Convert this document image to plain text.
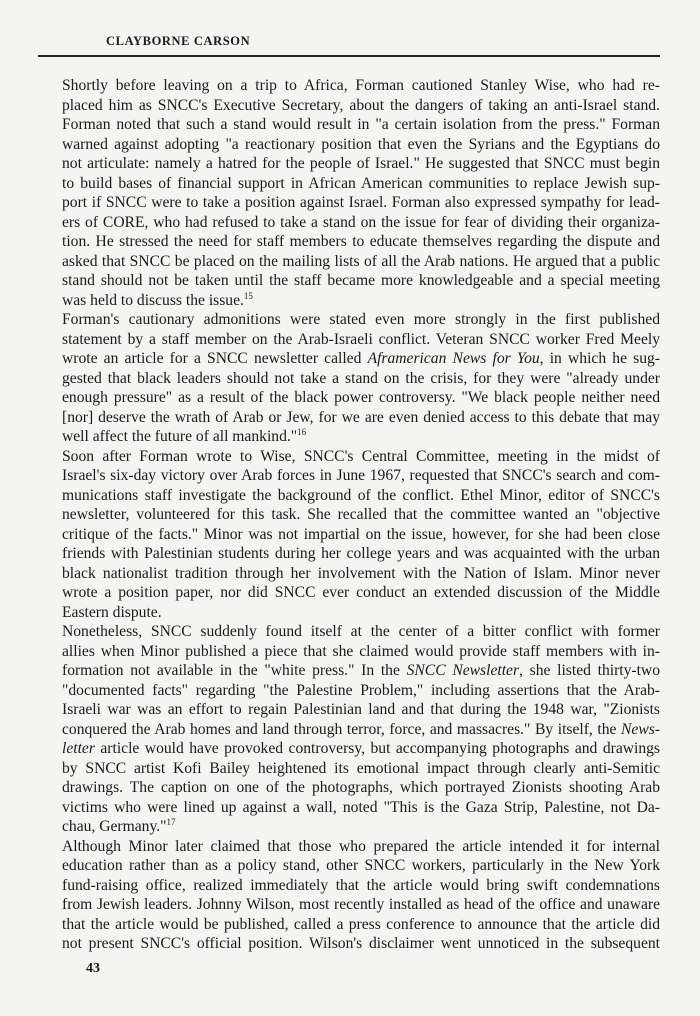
CLAYBORNE CARSON

Shortly before leaving on a trip to Africa, Forman cautioned Stanley Wise, who had re-
placed him as SNCC's Executive Secretary, about the dangers of taking an anti-Israel stand.
Forman noted that such a stand would result in "a certain isolation from the press." Forman
warned against adopting "a reactionary position that even the Syrians and the Egyptians do
not articulate: namely a hatred for the people of Israel." He suggested that SNCC must begin
to build bases of financial support in African American communities to replace Jewish sup-
port if SNCC were to take a position against Israel. Forman also expressed sympathy for lead-
ers of CORE, who had refused to take a stand on the issue for fear of dividing their organiza-
tion. He stressed the need for staff members to educate themselves regarding the dispute and
asked that SNCC be placed on the mailing lists of all the Arab nations. He argued that a public
stand should not be taken until the staff became more knowledgeable and a special meeting
was held to discuss the issue.$^{15}$

Forman's cautionary admonitions were stated even more strongly in the first published
statement by a staff member on the Arab-Israeli conflict. Veteran SNCC worker Fred Meely
wrote an article for a SNCC newsletter called Aframerican News for You, in which he sug-
gested that black leaders should not take a stand on the crisis, for they were "already under
enough pressure" as a result of the black power controversy. "We black people neither need
[nor] deserve the wrath of Arab or Jew, for we are even denied access to this debate that may
well affect the future of all mankind."$^{16}$

Soon after Forman wrote to Wise, SNCC's Central Committee, meeting in the midst of
Israel's six-day victory over Arab forces in June 1967, requested that SNCC's search and com-
munications staff investigate the background of the conflict. Ethel Minor, editor of SNCC's
newsletter, volunteered for this task. She recalled that the committee wanted an "objective
critique of the facts." Minor was not impartial on the issue, however, for she had been close
friends with Palestinian students during her college years and was acquainted with the urban
black nationalist tradition through her involvement with the Nation of Islam. Minor never
wrote a position paper, nor did SNCC ever conduct an extended discussion of the Middle
Eastern dispute.

Nonetheless, SNCC suddenly found itself at the center of a bitter conflict with former
allies when Minor published a piece that she claimed would provide staff members with in-
formation not available in the "white press." In the SNCC Newsletter, she listed thirty-two
"documented facts" regarding "the Palestine Problem," including assertions that the Arab-
Israeli war was an effort to regain Palestinian land and that during the 1948 war, "Zionists
conquered the Arab homes and land through terror, force, and massacres." By itself, the News-
letter article would have provoked controversy, but accompanying photographs and drawings
by SNCC artist Kofi Bailey heightened its emotional impact through clearly anti-Semitic
drawings. The caption on one of the photographs, which portrayed Zionists shooting Arab
victims who were lined up against a wall, noted "This is the Gaza Strip, Palestine, not Da-
chau, Germany."$^{17}$

Although Minor later claimed that those who prepared the article intended it for internal
education rather than as a policy stand, other SNCC workers, particularly in the New York
fund-raising office, realized immediately that the article would bring swift condemnations
from Jewish leaders. Johnny Wilson, most recently installed as head of the office and unaware
that the article would be published, called a press conference to announce that the article did
not present SNCC's official position. Wilson's disclaimer went unnoticed in the subsequent

43
